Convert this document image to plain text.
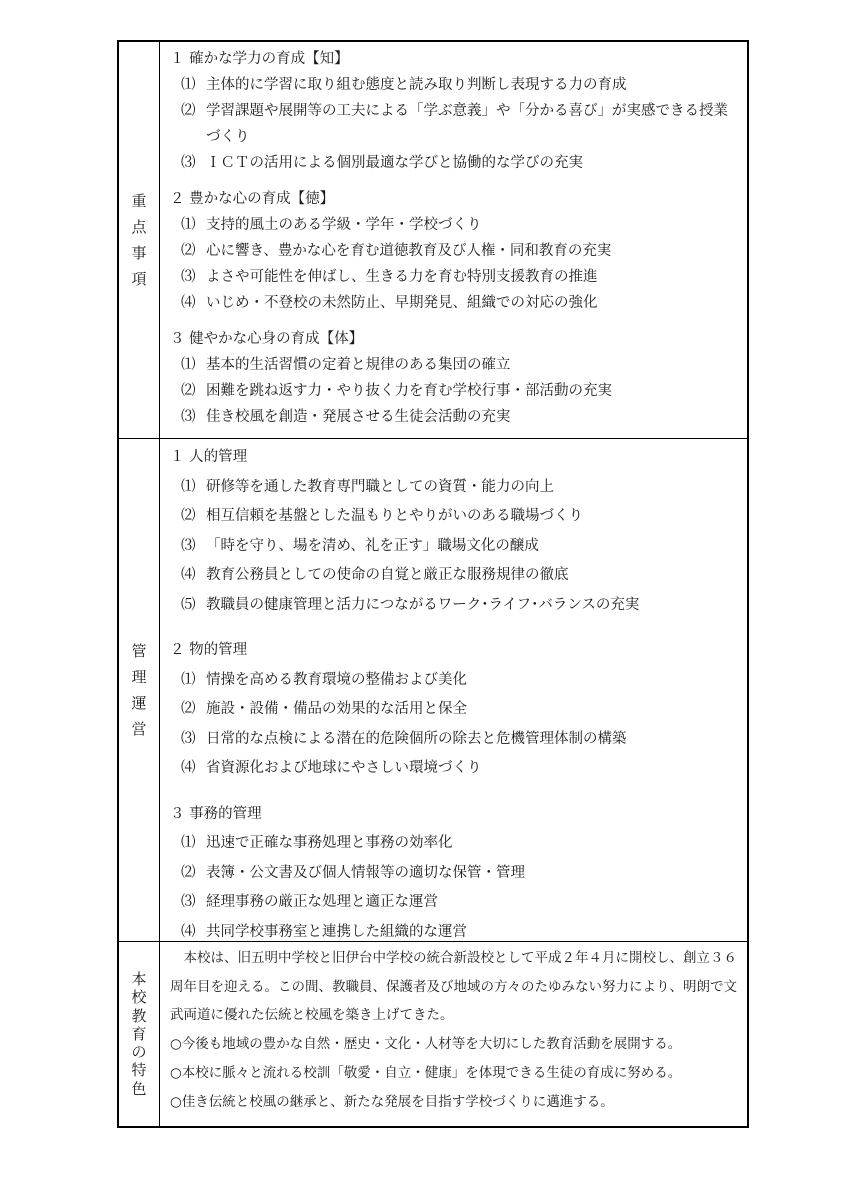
重点事項
１ 確かな学力の育成【知】
⑴ 主体的に学習に取り組む態度と読み取り判断し表現する力の育成
⑵ 学習課題や展開等の工夫による「学ぶ意義」や「分かる喜び」が実感できる授業づくり
⑶ ＩＣＴの活用による個別最適な学びと協働的な学びの充実
２ 豊かな心の育成【徳】
⑴ 支持的風土のある学級・学年・学校づくり
⑵ 心に響き、豊かな心を育む道徳教育及び人権・同和教育の充実
⑶ よさや可能性を伸ばし、生きる力を育む特別支援教育の推進
⑷ いじめ・不登校の未然防止、早期発見、組織での対応の強化
３ 健やかな心身の育成【体】
⑴ 基本的生活習慣の定着と規律のある集団の確立
⑵ 困難を跳ね返す力・やり抜く力を育む学校行事・部活動の充実
⑶ 佳き校風を創造・発展させる生徒会活動の充実
管理運営
１ 人的管理
⑴ 研修等を通した教育専門職としての資質・能力の向上
⑵ 相互信頼を基盤とした温もりとやりがいのある職場づくり
⑶ 「時を守り、場を清め、礼を正す」職場文化の醸成
⑷ 教育公務員としての使命の自覚と厳正な服務規律の徹底
⑸ 教職員の健康管理と活力につながるワーク･ライフ･バランスの充実
２ 物的管理
⑴ 情操を高める教育環境の整備および美化
⑵ 施設・設備・備品の効果的な活用と保全
⑶ 日常的な点検による潜在的危険個所の除去と危機管理体制の構築
⑷ 省資源化および地球にやさしい環境づくり
３ 事務的管理
⑴ 迅速で正確な事務処理と事務の効率化
⑵ 表簿・公文書及び個人情報等の適切な保管・管理
⑶ 経理事務の厳正な処理と適正な運営
⑷ 共同学校事務室と連携した組織的な運営
本校教育の特色
本校は、旧五明中学校と旧伊台中学校の統合新設校として平成２年４月に開校し、創立３６周年目を迎える。この間、教職員、保護者及び地域の方々のたゆみない努力により、明朗で文武両道に優れた伝統と校風を築き上げてきた。
○今後も地域の豊かな自然・歴史・文化・人材等を大切にした教育活動を展開する。
○本校に脈々と流れる校訓「敬愛・自立・健康」を体現できる生徒の育成に努める。
○佳き伝統と校風の継承と、新たな発展を目指す学校づくりに邁進する。
